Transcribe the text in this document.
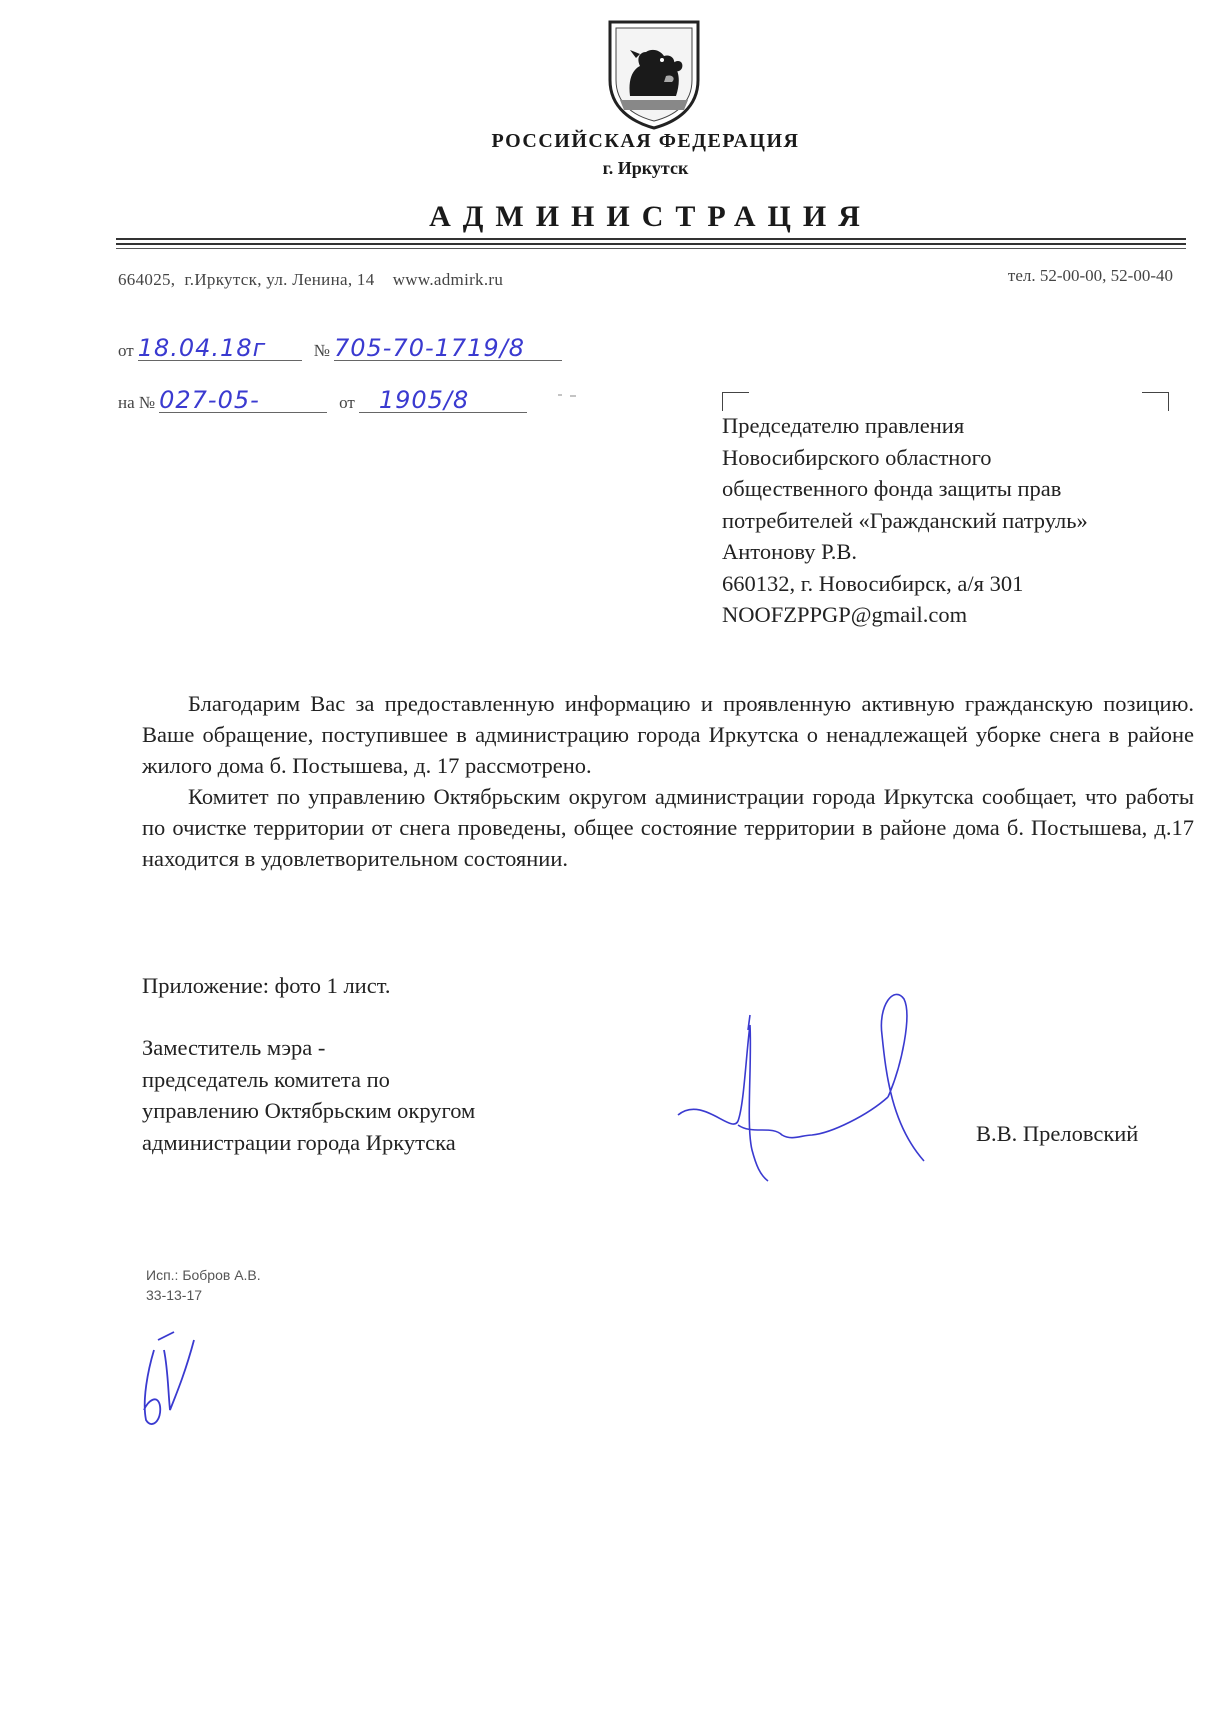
РОССИЙСКАЯ ФЕДЕРАЦИЯ
г. Иркутск
АДМИНИСТРАЦИЯ
664025,  г.Иркутск, ул. Ленина, 14    www.admirk.ru	тел. 52-00-00, 52-00-40
от 18.04.18г	№ 705-70-1719/8
на № 027-05-	от 1905/8
Председателю правления
Новосибирского областного
общественного фонда защиты прав
потребителей «Гражданский патруль»
Антонову Р.В.
660132, г. Новосибирск, а/я 301
NOOFZPPGP@gmail.com

Благодарим Вас за предоставленную информацию и проявленную активную гражданскую позицию. Ваше обращение, поступившее в администрацию города Иркутска о ненадлежащей уборке снега в районе жилого дома б. Постышева, д. 17 рассмотрено.

Комитет по управлению Октябрьским округом администрации города Иркутска сообщает, что работы по очистке территории от снега проведены, общее состояние территории в районе дома б. Постышева, д.17 находится в удовлетворительном состоянии.

Приложение: фото 1 лист.
Заместитель мэра -
председатель комитета по
управлению Октябрьским округом
администрации города Иркутска	В.В. Преловский
Исп.: Бобров А.В.
33-13-17
